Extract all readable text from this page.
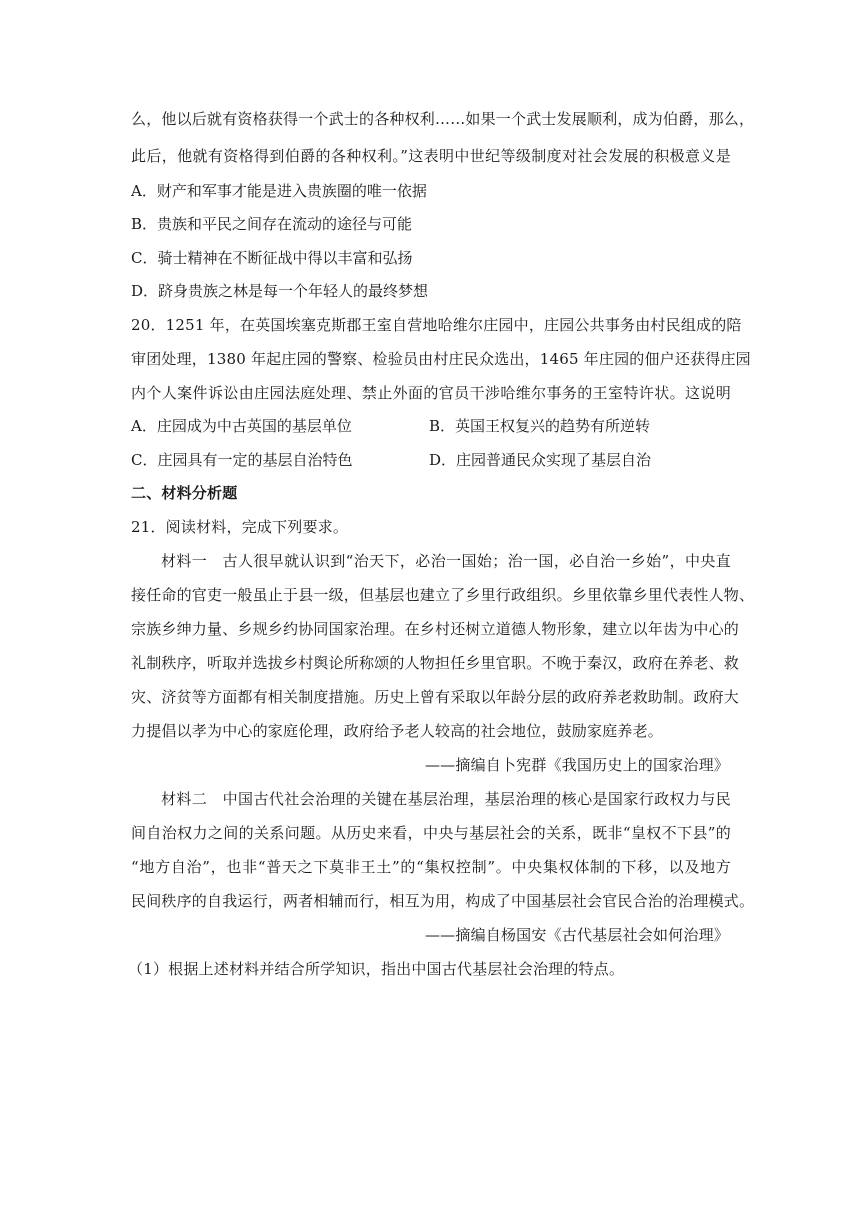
么，他以后就有资格获得一个武士的各种权利……如果一个武士发展顺利，成为伯爵，那么，
此后，他就有资格得到伯爵的各种权利。”这表明中世纪等级制度对社会发展的积极意义是
A．财产和军事才能是进入贵族圈的唯一依据
B．贵族和平民之间存在流动的途径与可能
C．骑士精神在不断征战中得以丰富和弘扬
D．跻身贵族之林是每一个年轻人的最终梦想
20．1251 年，在英国埃塞克斯郡王室自营地哈维尔庄园中，庄园公共事务由村民组成的陪
审团处理，1380 年起庄园的警察、检验员由村庄民众选出，1465 年庄园的佃户还获得庄园
内个人案件诉讼由庄园法庭处理、禁止外面的官员干涉哈维尔事务的王室特许状。这说明
A．庄园成为中古英国的基层单位	B．英国王权复兴的趋势有所逆转
C．庄园具有一定的基层自治特色	D．庄园普通民众实现了基层自治
二、材料分析题
21．阅读材料，完成下列要求。
材料一　古人很早就认识到“治天下，必治一国始；治一国，必自治一乡始”，中央直
接任命的官吏一般虽止于县一级，但基层也建立了乡里行政组织。乡里依靠乡里代表性人物、
宗族乡绅力量、乡规乡约协同国家治理。在乡村还树立道德人物形象，建立以年齿为中心的
礼制秩序，听取并选拔乡村舆论所称颂的人物担任乡里官职。不晚于秦汉，政府在养老、救
灾、济贫等方面都有相关制度措施。历史上曾有采取以年龄分层的政府养老救助制。政府大
力提倡以孝为中心的家庭伦理，政府给予老人较高的社会地位，鼓励家庭养老。
——摘编自卜宪群《我国历史上的国家治理》
材料二　中国古代社会治理的关键在基层治理，基层治理的核心是国家行政权力与民
间自治权力之间的关系问题。从历史来看，中央与基层社会的关系，既非“皇权不下县”的
“地方自治”，也非“普天之下莫非王土”的“集权控制”。中央集权体制的下移，以及地方
民间秩序的自我运行，两者相辅而行，相互为用，构成了中国基层社会官民合治的治理模式。
——摘编自杨国安《古代基层社会如何治理》
（1）根据上述材料并结合所学知识，指出中国古代基层社会治理的特点。
